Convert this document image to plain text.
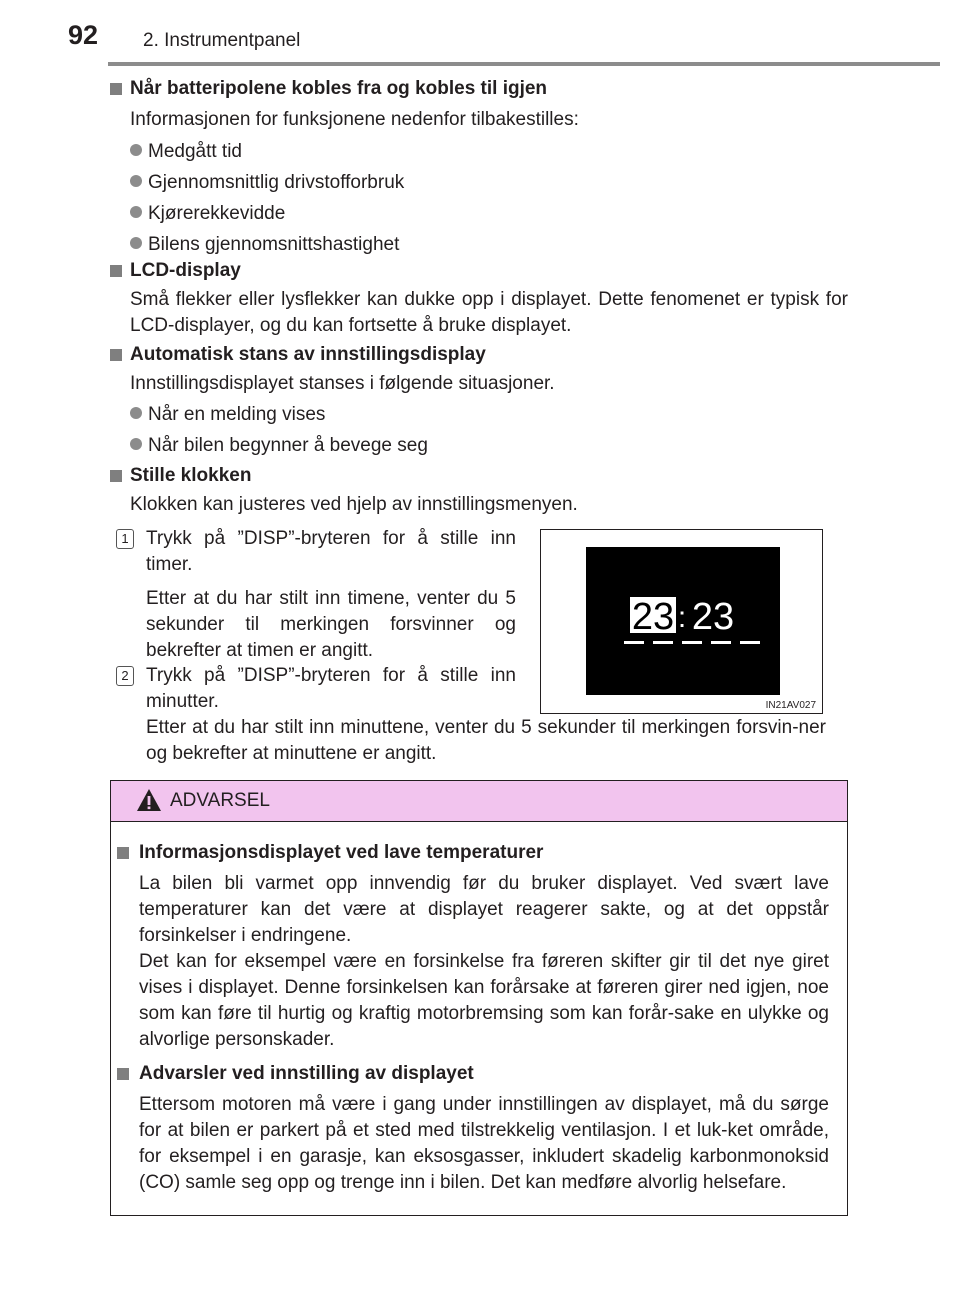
92 2. Instrumentpanel
Når batteripolene kobles fra og kobles til igjen
Informasjonen for funksjonene nedenfor tilbakestilles:
Medgått tid
Gjennomsnittlig drivstofforbruk
Kjørerekkevidde
Bilens gjennomsnittshastighet
LCD-display
Små flekker eller lysflekker kan dukke opp i displayet. Dette fenomenet er typisk for LCD-displayer, og du kan fortsette å bruke displayet.
Automatisk stans av innstillingsdisplay
Innstillingsdisplayet stanses i følgende situasjoner.
Når en melding vises
Når bilen begynner å bevege seg
Stille klokken
Klokken kan justeres ved hjelp av innstillingsmenyen.
1 Trykk på ”DISP”-bryteren for å stille inn timer.
Etter at du har stilt inn timene, venter du 5 sekunder til merkingen forsvinner og bekrefter at timen er angitt.
2 Trykk på ”DISP”-bryteren for å stille inn minutter.
Etter at du har stilt inn minuttene, venter du 5 sekunder til merkingen forsvin-ner og bekrefter at minuttene er angitt.
23 : 23
IN21AV027
ADVARSEL
Informasjonsdisplayet ved lave temperaturer
La bilen bli varmet opp innvendig før du bruker displayet. Ved svært lave temperaturer kan det være at displayet reagerer sakte, og at det oppstår forsinkelser i endringene.
Det kan for eksempel være en forsinkelse fra føreren skifter gir til det nye giret vises i displayet. Denne forsinkelsen kan forårsake at føreren girer ned igjen, noe som kan føre til hurtig og kraftig motorbremsing som kan forår-sake en ulykke og alvorlige personskader.
Advarsler ved innstilling av displayet
Ettersom motoren må være i gang under innstillingen av displayet, må du sørge for at bilen er parkert på et sted med tilstrekkelig ventilasjon. I et luk-ket område, for eksempel i en garasje, kan eksosgasser, inkludert skadelig karbonmonoksid (CO) samle seg opp og trenge inn i bilen. Det kan medføre alvorlig helsefare.
